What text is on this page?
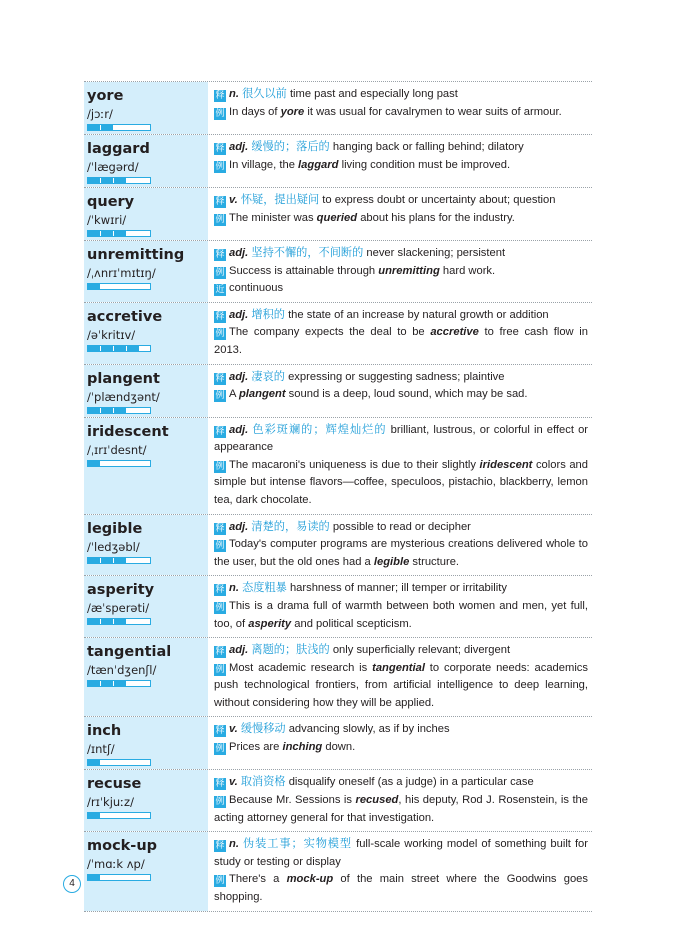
yore
/jɔːr/
释 n. 很久以前 time past and especially long past
例 In days of yore it was usual for cavalrymen to wear suits of armour.
laggard
/ˈlægərd/
释 adj. 缓慢的；落后的 hanging back or falling behind; dilatory
例 In village, the laggard living condition must be improved.
query
/ˈkwɪri/
释 v. 怀疑，提出疑问 to express doubt or uncertainty about; question
例 The minister was queried about his plans for the industry.
unremitting
/ˌʌnrɪˈmɪtɪŋ/
释 adj. 坚持不懈的，不间断的 never slackening; persistent
例 Success is attainable through unremitting hard work.
近 continuous
accretive
/əˈkritɪv/
释 adj. 增积的 the state of an increase by natural growth or addition
例 The company expects the deal to be accretive to free cash flow in 2013.
plangent
/ˈplændʒənt/
释 adj. 凄哀的 expressing or suggesting sadness; plaintive
例 A plangent sound is a deep, loud sound, which may be sad.
iridescent
/ˌɪrɪˈdesnt/
释 adj. 色彩斑斓的；辉煌灿烂的 brilliant, lustrous, or colorful in effect or appearance
例 The macaroni's uniqueness is due to their slightly iridescent colors and simple but intense flavors—coffee, speculoos, pistachio, blackberry, lemon tea, dark chocolate.
legible
/ˈledʒəbl/
释 adj. 清楚的，易读的 possible to read or decipher
例 Today's computer programs are mysterious creations delivered whole to the user, but the old ones had a legible structure.
asperity
/æˈsperəti/
释 n. 态度粗暴 harshness of manner; ill temper or irritability
例 This is a drama full of warmth between both women and men, yet full, too, of asperity and political scepticism.
tangential
/tænˈdʒenʃl/
释 adj. 离题的；肤浅的 only superficially relevant; divergent
例 Most academic research is tangential to corporate needs: academics push technological frontiers, from artificial intelligence to deep learning, without considering how they will be applied.
inch
/ɪntʃ/
释 v. 缓慢移动 advancing slowly, as if by inches
例 Prices are inching down.
recuse
/rɪˈkjuːz/
释 v. 取消资格 disqualify oneself (as a judge) in a particular case
例 Because Mr. Sessions is recused, his deputy, Rod J. Rosenstein, is the acting attorney general for that investigation.
mock-up
/ˈmɑːk ʌp/
释 n. 伪装工事；实物模型 full-scale working model of something built for study or testing or display
例 There's a mock-up of the main street where the Goodwins goes shopping.
4
